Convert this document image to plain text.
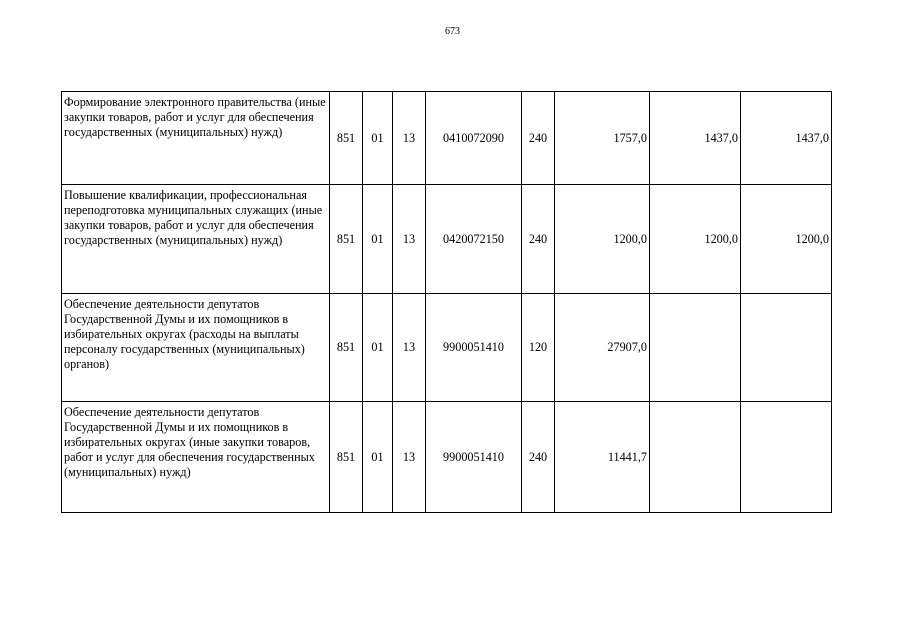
673
Формирование электронного правительства (иные закупки товаров, работ и услуг для обеспечения государственных (муниципальных) нужд)	851	01	13	0410072090	240	1757,0	1437,0	1437,0
Повышение квалификации, профессиональная переподготовка муниципальных служащих (иные закупки товаров, работ и услуг для обеспечения государственных (муниципальных) нужд)	851	01	13	0420072150	240	1200,0	1200,0	1200,0
Обеспечение деятельности депутатов Государственной Думы и их помощников в избирательных округах (расходы на выплаты персоналу государственных (муниципальных) органов)	851	01	13	9900051410	120	27907,0		
Обеспечение деятельности депутатов Государственной Думы и их помощников в избирательных округах (иные закупки товаров, работ и услуг для обеспечения государственных (муниципальных) нужд)	851	01	13	9900051410	240	11441,7		
